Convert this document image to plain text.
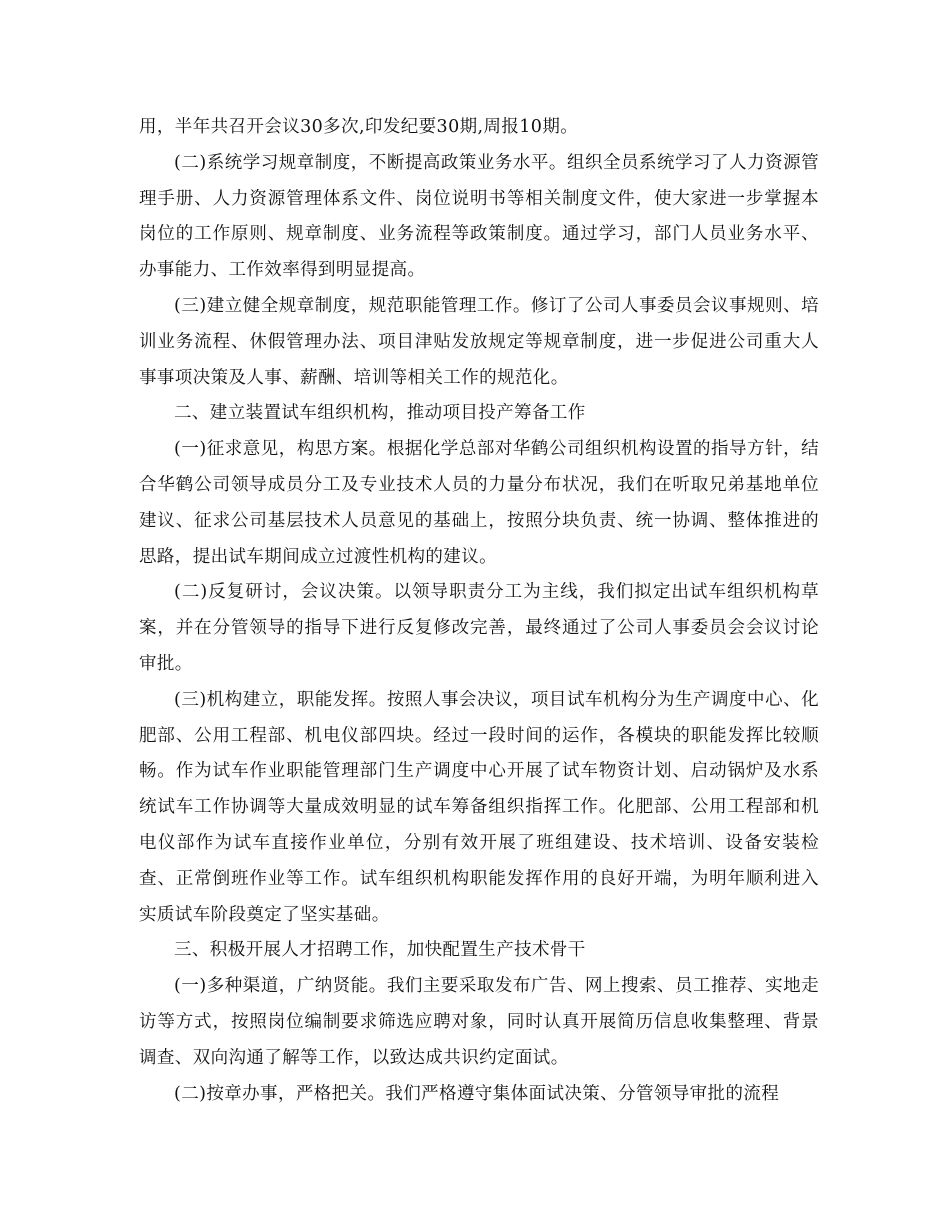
用，半年共召开会议30多次,印发纪要30期,周报10期。

(二)系统学习规章制度，不断提高政策业务水平。组织全员系统学习了人力资源管理手册、人力资源管理体系文件、岗位说明书等相关制度文件，使大家进一步掌握本岗位的工作原则、规章制度、业务流程等政策制度。通过学习，部门人员业务水平、办事能力、工作效率得到明显提高。

(三)建立健全规章制度，规范职能管理工作。修订了公司人事委员会议事规则、培训业务流程、休假管理办法、项目津贴发放规定等规章制度，进一步促进公司重大人事事项决策及人事、薪酬、培训等相关工作的规范化。

二、建立装置试车组织机构，推动项目投产筹备工作

(一)征求意见，构思方案。根据化学总部对华鹤公司组织机构设置的指导方针，结合华鹤公司领导成员分工及专业技术人员的力量分布状况，我们在听取兄弟基地单位建议、征求公司基层技术人员意见的基础上，按照分块负责、统一协调、整体推进的思路，提出试车期间成立过渡性机构的建议。

(二)反复研讨，会议决策。以领导职责分工为主线，我们拟定出试车组织机构草案，并在分管领导的指导下进行反复修改完善，最终通过了公司人事委员会会议讨论审批。

(三)机构建立，职能发挥。按照人事会决议，项目试车机构分为生产调度中心、化肥部、公用工程部、机电仪部四块。经过一段时间的运作，各模块的职能发挥比较顺畅。作为试车作业职能管理部门生产调度中心开展了试车物资计划、启动锅炉及水系统试车工作协调等大量成效明显的试车筹备组织指挥工作。化肥部、公用工程部和机电仪部作为试车直接作业单位，分别有效开展了班组建设、技术培训、设备安装检查、正常倒班作业等工作。试车组织机构职能发挥作用的良好开端，为明年顺利进入实质试车阶段奠定了坚实基础。

三、积极开展人才招聘工作，加快配置生产技术骨干

(一)多种渠道，广纳贤能。我们主要采取发布广告、网上搜索、员工推荐、实地走访等方式，按照岗位编制要求筛选应聘对象，同时认真开展简历信息收集整理、背景调查、双向沟通了解等工作，以致达成共识约定面试。

(二)按章办事，严格把关。我们严格遵守集体面试决策、分管领导审批的流程
